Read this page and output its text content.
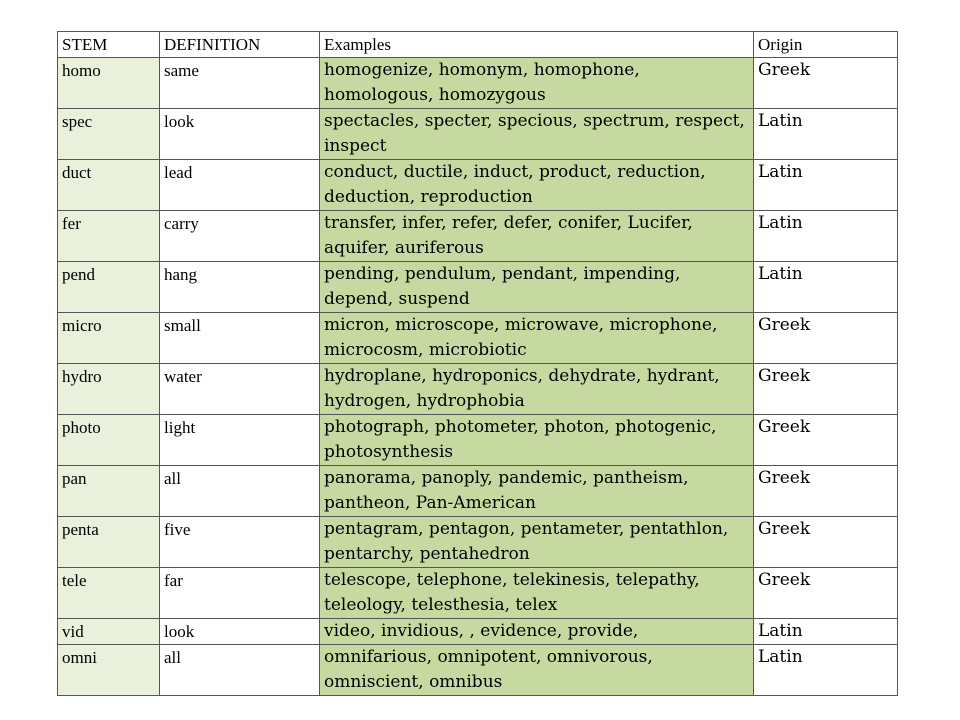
STEM	DEFINITION	Examples	Origin
homo	same	homogenize, homonym, homophone, homologous, homozygous	Greek
spec	look	spectacles, specter, specious, spectrum, respect, inspect	Latin
duct	lead	conduct, ductile, induct, product, reduction, deduction, reproduction	Latin
fer	carry	transfer, infer, refer, defer, conifer, Lucifer, aquifer, auriferous	Latin
pend	hang	pending, pendulum, pendant, impending, depend, suspend	Latin
micro	small	micron, microscope, microwave, microphone, microcosm, microbiotic	Greek
hydro	water	hydroplane, hydroponics, dehydrate, hydrant, hydrogen, hydrophobia	Greek
photo	light	photograph, photometer, photon, photogenic, photosynthesis	Greek
pan	all	panorama, panoply, pandemic, pantheism, pantheon, Pan-American	Greek
penta	five	pentagram, pentagon, pentameter, pentathlon, pentarchy, pentahedron	Greek
tele	far	telescope, telephone, telekinesis, telepathy, teleology, telesthesia, telex	Greek
vid	look	video, invidious, , evidence, provide,	Latin
omni	all	omnifarious, omnipotent, omnivorous, omniscient, omnibus	Latin
